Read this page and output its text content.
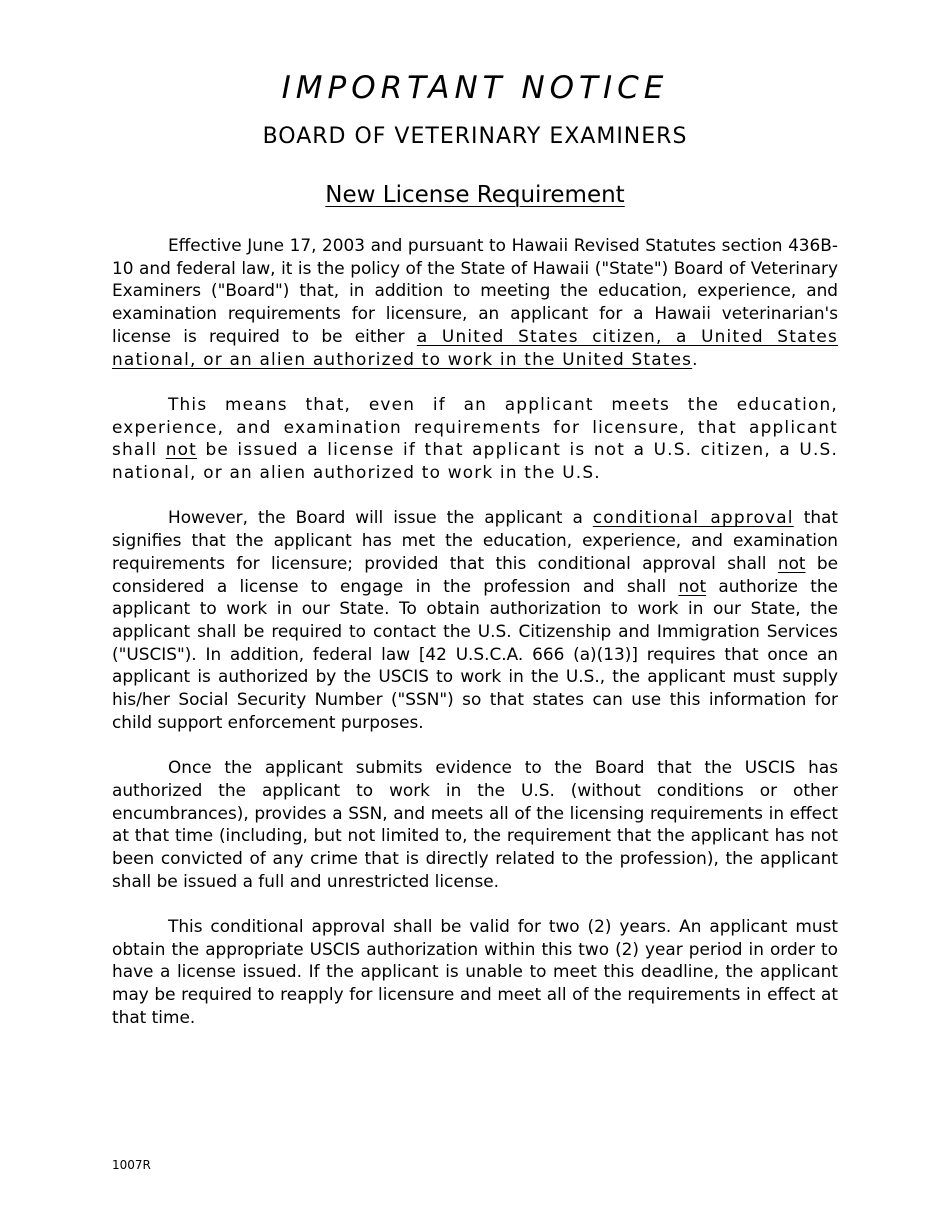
IMPORTANT NOTICE
BOARD OF VETERINARY EXAMINERS
New License Requirement

Effective June 17, 2003 and pursuant to Hawaii Revised Statutes section 436B-10 and federal law, it is the policy of the State of Hawaii ("State") Board of Veterinary Examiners ("Board") that, in addition to meeting the education, experience, and examination requirements for licensure, an applicant for a Hawaii veterinarian's license is required to be either a United States citizen, a United States national, or an alien authorized to work in the United States.

This means that, even if an applicant meets the education, experience, and examination requirements for licensure, that applicant shall not be issued a license if that applicant is not a U.S. citizen, a U.S. national, or an alien authorized to work in the U.S.

However, the Board will issue the applicant a conditional approval that signifies that the applicant has met the education, experience, and examination requirements for licensure; provided that this conditional approval shall not be considered a license to engage in the profession and shall not authorize the applicant to work in our State. To obtain authorization to work in our State, the applicant shall be required to contact the U.S. Citizenship and Immigration Services ("USCIS"). In addition, federal law [42 U.S.C.A. 666 (a)(13)] requires that once an applicant is authorized by the USCIS to work in the U.S., the applicant must supply his/her Social Security Number ("SSN") so that states can use this information for child support enforcement purposes.

Once the applicant submits evidence to the Board that the USCIS has authorized the applicant to work in the U.S. (without conditions or other encumbrances), provides a SSN, and meets all of the licensing requirements in effect at that time (including, but not limited to, the requirement that the applicant has not been convicted of any crime that is directly related to the profession), the applicant shall be issued a full and unrestricted license.

This conditional approval shall be valid for two (2) years. An applicant must obtain the appropriate USCIS authorization within this two (2) year period in order to have a license issued. If the applicant is unable to meet this deadline, the applicant may be required to reapply for licensure and meet all of the requirements in effect at that time.

1007R
